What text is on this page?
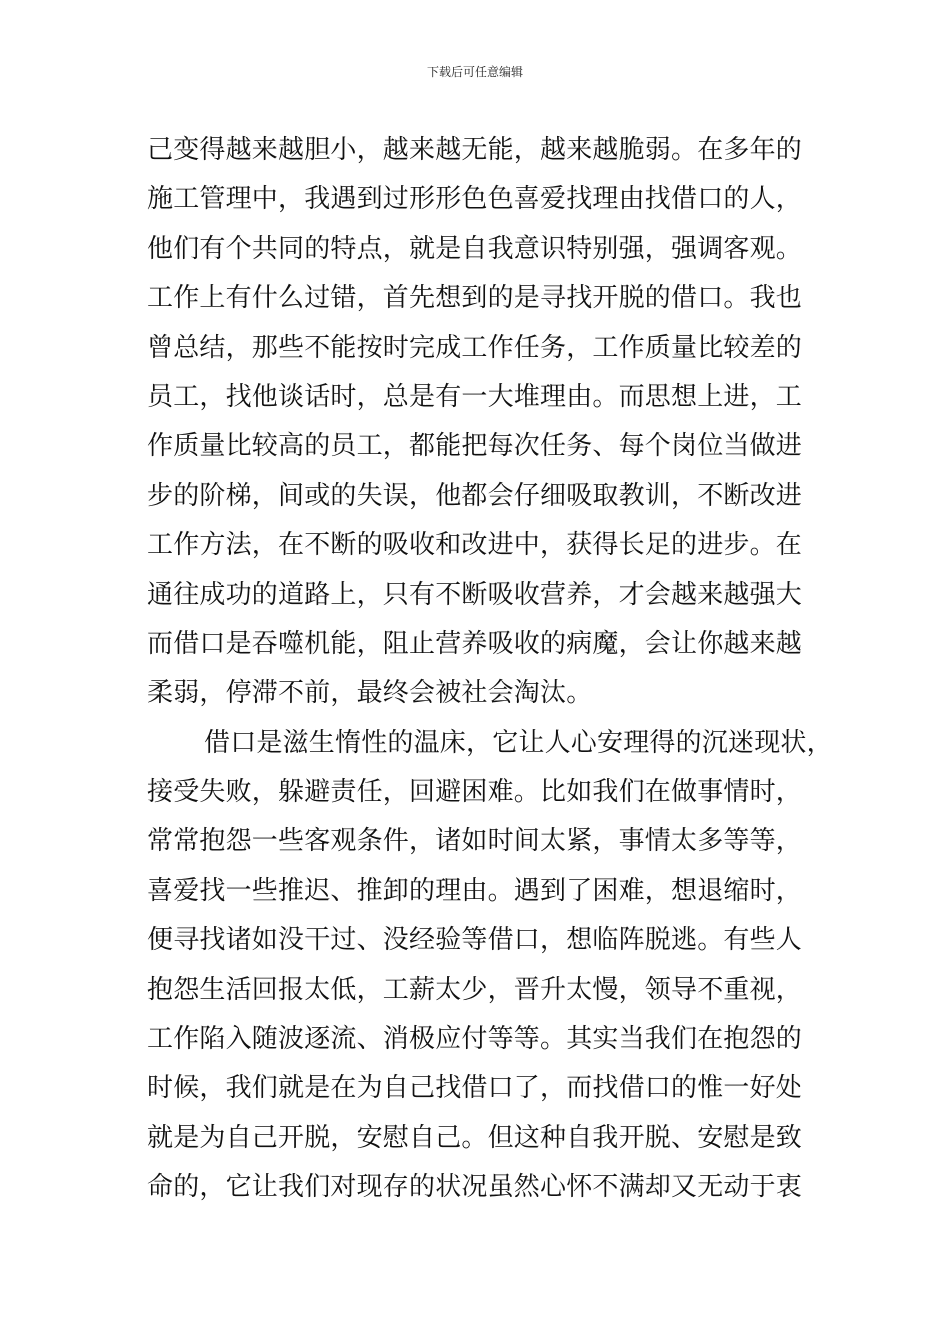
下载后可任意编辑
己变得越来越胆小，越来越无能，越来越脆弱。在多年的
施工管理中，我遇到过形形色色喜爱找理由找借口的人，
他们有个共同的特点，就是自我意识特别强，强调客观。
工作上有什么过错，首先想到的是寻找开脱的借口。我也
曾总结，那些不能按时完成工作任务，工作质量比较差的
员工，找他谈话时，总是有一大堆理由。而思想上进，工
作质量比较高的员工，都能把每次任务、每个岗位当做进
步的阶梯，间或的失误，他都会仔细吸取教训，不断改进
工作方法，在不断的吸收和改进中，获得长足的进步。在
通往成功的道路上，只有不断吸收营养，才会越来越强大
而借口是吞噬机能，阻止营养吸收的病魔，会让你越来越
柔弱，停滞不前，最终会被社会淘汰。
借口是滋生惰性的温床，它让人心安理得的沉迷现状，
接受失败，躲避责任，回避困难。比如我们在做事情时，
常常抱怨一些客观条件，诸如时间太紧，事情太多等等，
喜爱找一些推迟、推卸的理由。遇到了困难，想退缩时，
便寻找诸如没干过、没经验等借口，想临阵脱逃。有些人
抱怨生活回报太低，工薪太少，晋升太慢，领导不重视，
工作陷入随波逐流、消极应付等等。其实当我们在抱怨的
时候，我们就是在为自己找借口了，而找借口的惟一好处
就是为自己开脱，安慰自己。但这种自我开脱、安慰是致
命的，它让我们对现存的状况虽然心怀不满却又无动于衷
